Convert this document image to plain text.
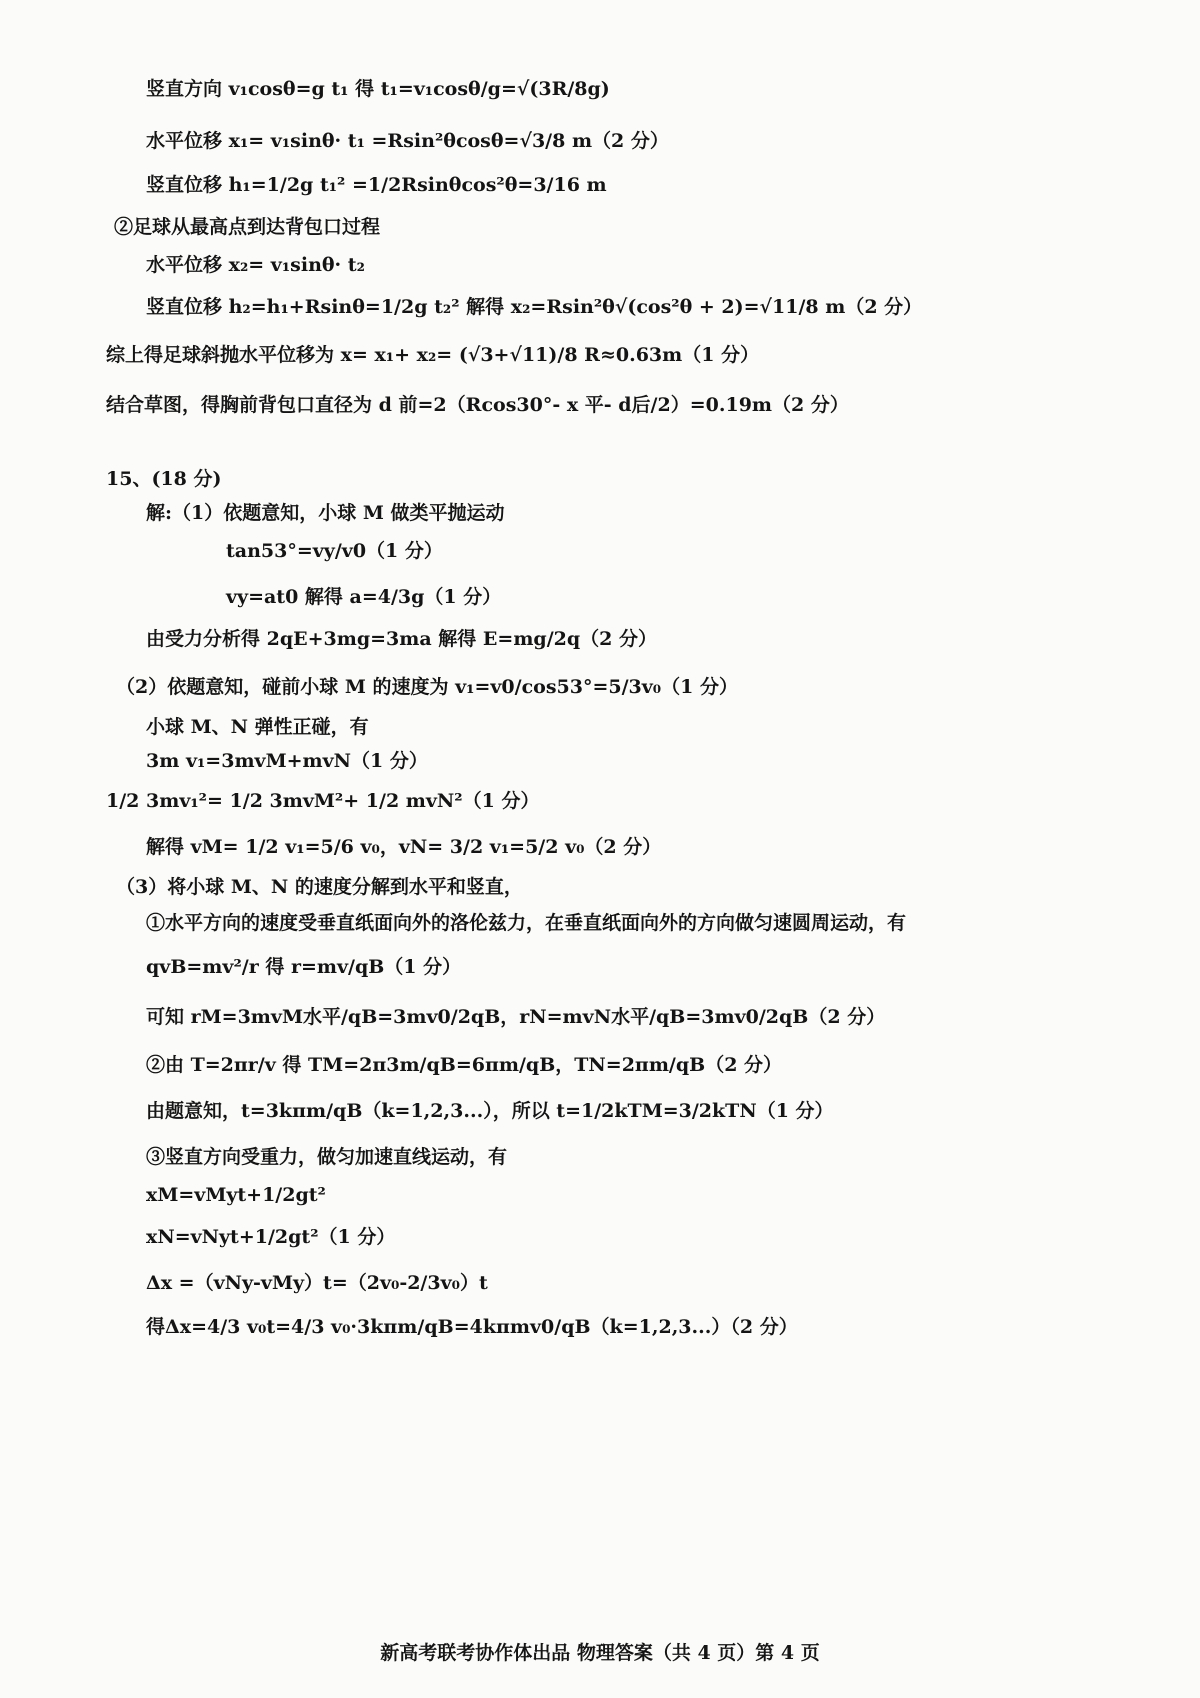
竖直方向 v₁cosθ=g t₁ 得 t₁=v₁cosθ/g=√(3R/8g)
水平位移 x₁= v₁sinθ· t₁ =Rsin²θcosθ=√3/8 m（2 分）
竖直位移 h₁=1/2g t₁² =1/2Rsinθcos²θ=3/16 m
②足球从最高点到达背包口过程
水平位移 x₂= v₁sinθ· t₂
竖直位移 h₂=h₁+Rsinθ=1/2g t₂² 解得 x₂=Rsin²θ√(cos²θ + 2)=√11/8 m（2 分）
综上得足球斜抛水平位移为 x= x₁+ x₂= (√3+√11)/8 R≈0.63m（1 分）
结合草图，得胸前背包口直径为 d 前=2（Rcos30°- x 平- d后/2）=0.19m（2 分）
15、(18 分)
解:（1）依题意知，小球 M 做类平抛运动
tan53°=vy/v0（1 分）
vy=at0 解得 a=4/3g（1 分）
由受力分析得 2qE+3mg=3ma 解得 E=mg/2q（2 分）
（2）依题意知，碰前小球 M 的速度为 v₁=v0/cos53°=5/3v₀（1 分）
小球 M、N 弹性正碰，有
3m v₁=3mvM+mvN（1 分）
1/2 3mv₁²= 1/2 3mvM²+ 1/2 mvN²（1 分）
解得 vM= 1/2 v₁=5/6 v₀，vN= 3/2 v₁=5/2 v₀（2 分）
（3）将小球 M、N 的速度分解到水平和竖直，
①水平方向的速度受垂直纸面向外的洛伦兹力，在垂直纸面向外的方向做匀速圆周运动，有
qvB=mv²/r 得 r=mv/qB（1 分）
可知 rM=3mvM水平/qB=3mv0/2qB，rN=mvN水平/qB=3mv0/2qB（2 分）
②由 T=2πr/v 得 TM=2π3m/qB=6πm/qB，TN=2πm/qB（2 分）
由题意知，t=3kπm/qB（k=1,2,3...），所以 t=1/2kTM=3/2kTN（1 分）
③竖直方向受重力，做匀加速直线运动，有
xM=vMyt+1/2gt²
xN=vNyt+1/2gt²（1 分）
Δx =（vNy-vMy）t=（2v₀-2/3v₀）t
得Δx=4/3 v₀t=4/3 v₀·3kπm/qB=4kπmv0/qB（k=1,2,3...）（2 分）
新高考联考协作体出品 物理答案（共 4 页）第 4 页
